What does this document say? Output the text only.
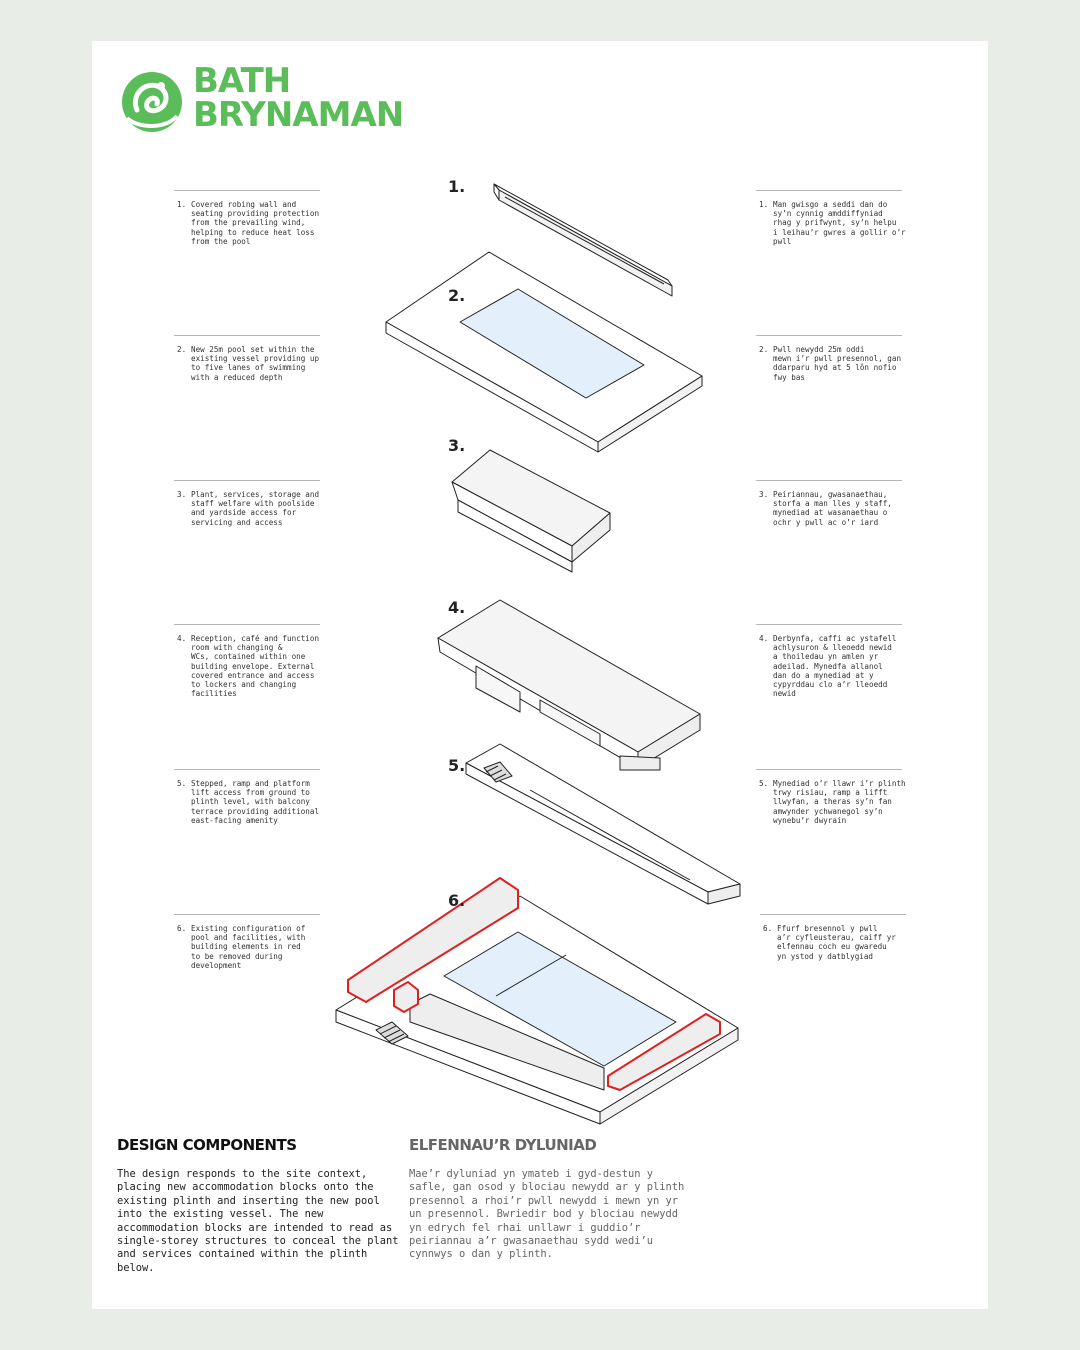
BATH
BRYNAMAN
1.
2.
3.
4.
5.
6.
1. Covered robing wall and
seating providing protection
from the prevailing wind,
helping to reduce heat loss
from the pool
2. New 25m pool set within the
existing vessel providing up
to five lanes of swimming
with a reduced depth
3. Plant, services, storage and
staff welfare with poolside
and yardside access for
servicing and access
4. Reception, café and function
room with changing &
WCs, contained within one
building envelope. External
covered entrance and access
to lockers and changing
facilities
5. Stepped, ramp and platform
lift access from ground to
plinth level, with balcony
terrace providing additional
east-facing amenity
6. Existing configuration of
pool and facilities, with
building elements in red
to be removed during
development
1. Man gwisgo a seddi dan do
sy’n cynnig amddiffyniad
rhag y prifwynt, sy’n helpu
i leihau’r gwres a gollir o’r
pwll
2. Pwll newydd 25m oddi
mewn i’r pwll presennol, gan
ddarparu hyd at 5 lôn nofio
fwy bas
3. Peiriannau, gwasanaethau,
storfa a man lles y staff,
mynediad at wasanaethau o
ochr y pwll ac o’r iard
4. Derbynfa, caffi ac ystafell
achlysuron & lleoedd newid
a thoiledau yn amlen yr
adeilad. Mynedfa allanol
dan do a mynediad at y
cypyrddau clo a’r lleoedd
newid
5. Mynediad o’r llawr i’r plinth
trwy risiau, ramp a lifft
llwyfan, a theras sy’n fan
amwynder ychwanegol sy’n
wynebu’r dwyrain
6. Ffurf bresennol y pwll
a’r cyfleusterau, caiff yr
elfennau coch eu gwaredu
yn ystod y datblygiad
DESIGN COMPONENTS
The design responds to the site context, placing new accommodation blocks onto the existing plinth and inserting the new pool into the existing vessel. The new accommodation blocks are intended to read as single-storey structures to conceal the plant and services contained within the plinth below.
ELFENNAU’R DYLUNIAD
Mae’r dyluniad yn ymateb i gyd-destun y safle, gan osod y blociau newydd ar y plinth presennol a rhoi’r pwll newydd i mewn yn yr un presennol. Bwriedir bod y blociau newydd yn edrych fel rhai unllawr i guddio’r peiriannau a’r gwasanaethau sydd wedi’u cynnwys o dan y plinth.
